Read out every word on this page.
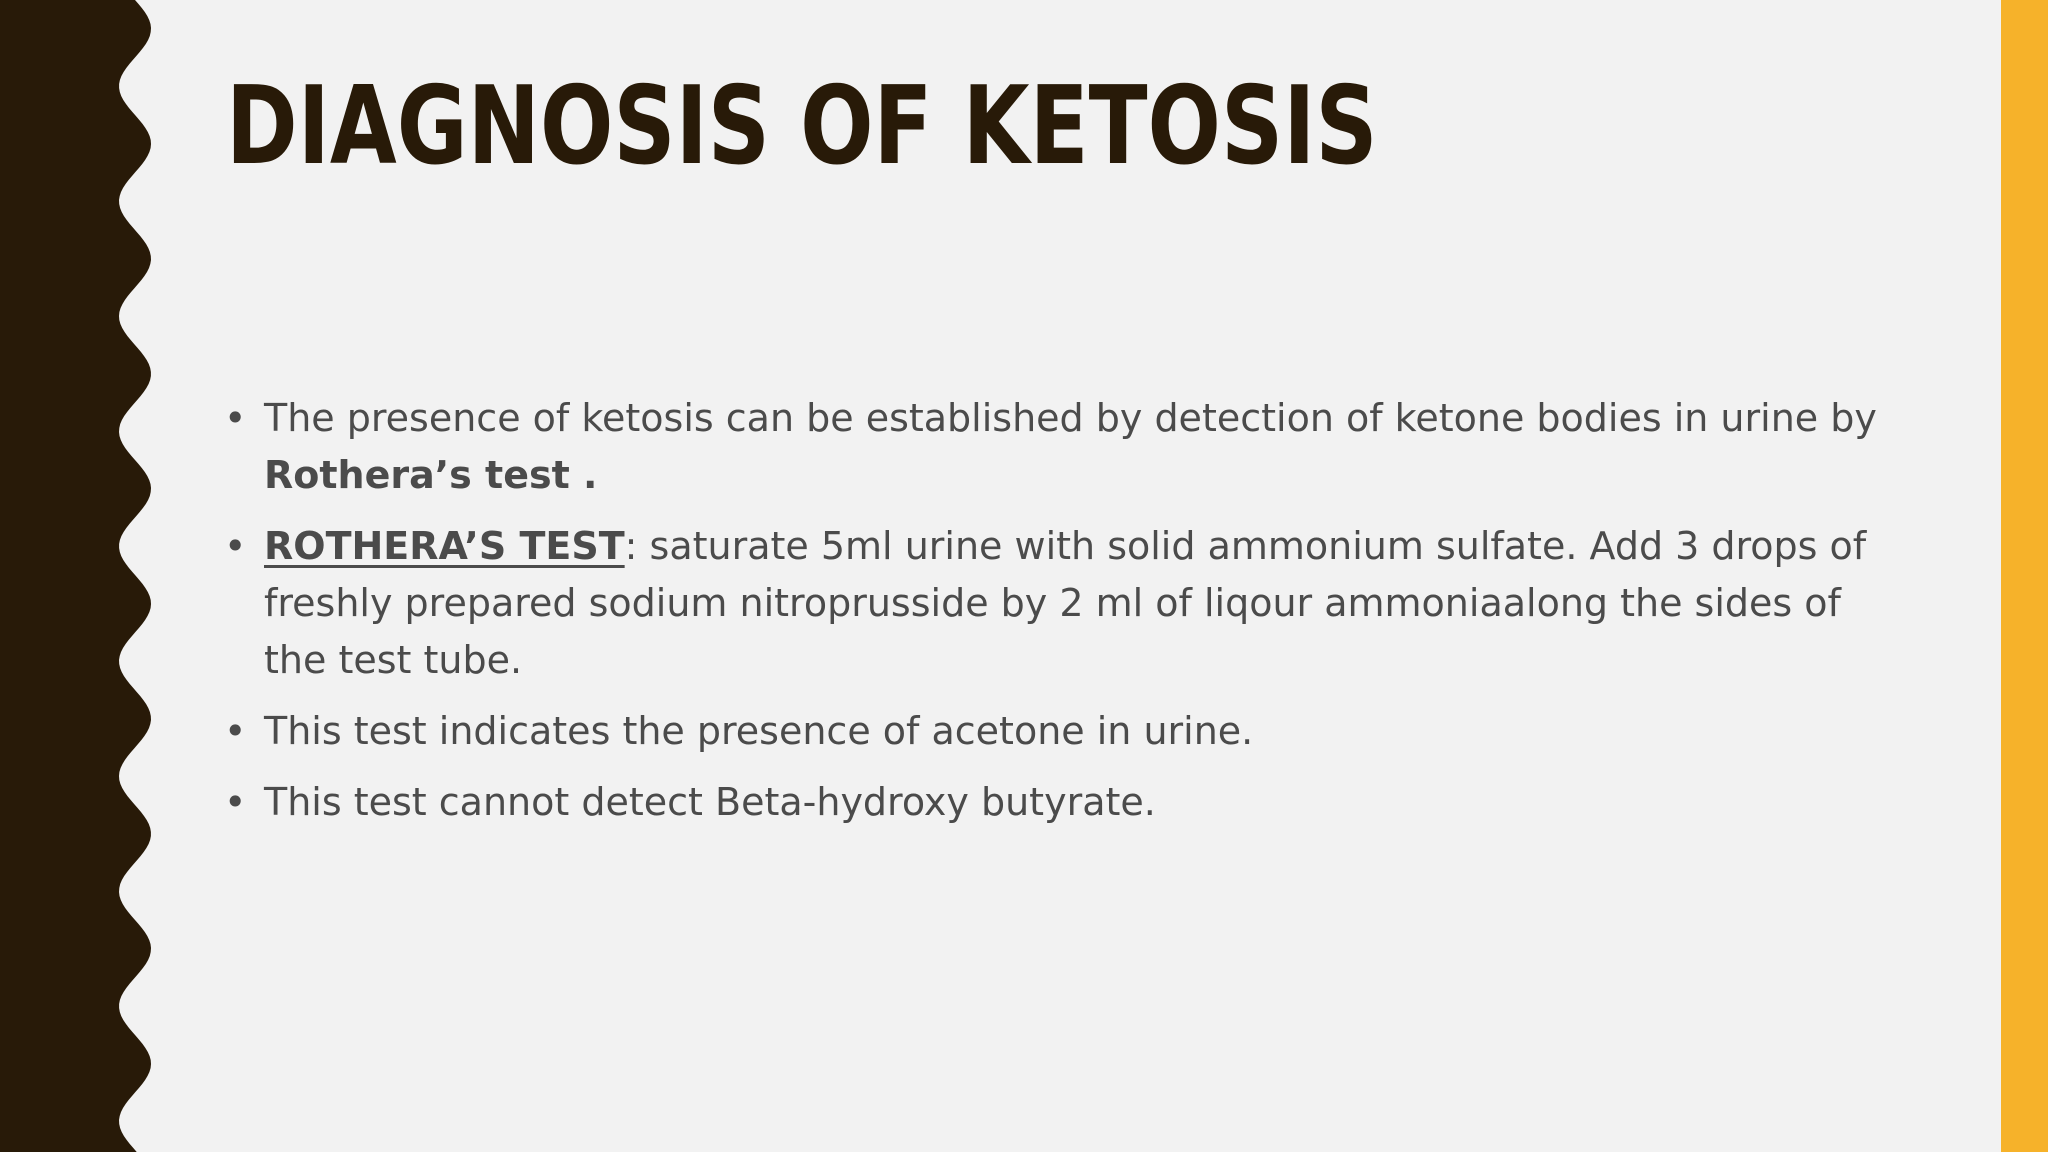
DIAGNOSIS OF KETOSIS
• The presence of ketosis can be established by detection of ketone bodies in urine by Rothera’s test .
• ROTHERA’S TEST: saturate 5ml urine with solid ammonium sulfate. Add 3 drops of freshly prepared sodium nitroprusside by 2 ml of liqour ammoniaalong the sides of the test tube.
• This test indicates the presence of acetone in urine.
• This test cannot detect Beta-hydroxy butyrate.
